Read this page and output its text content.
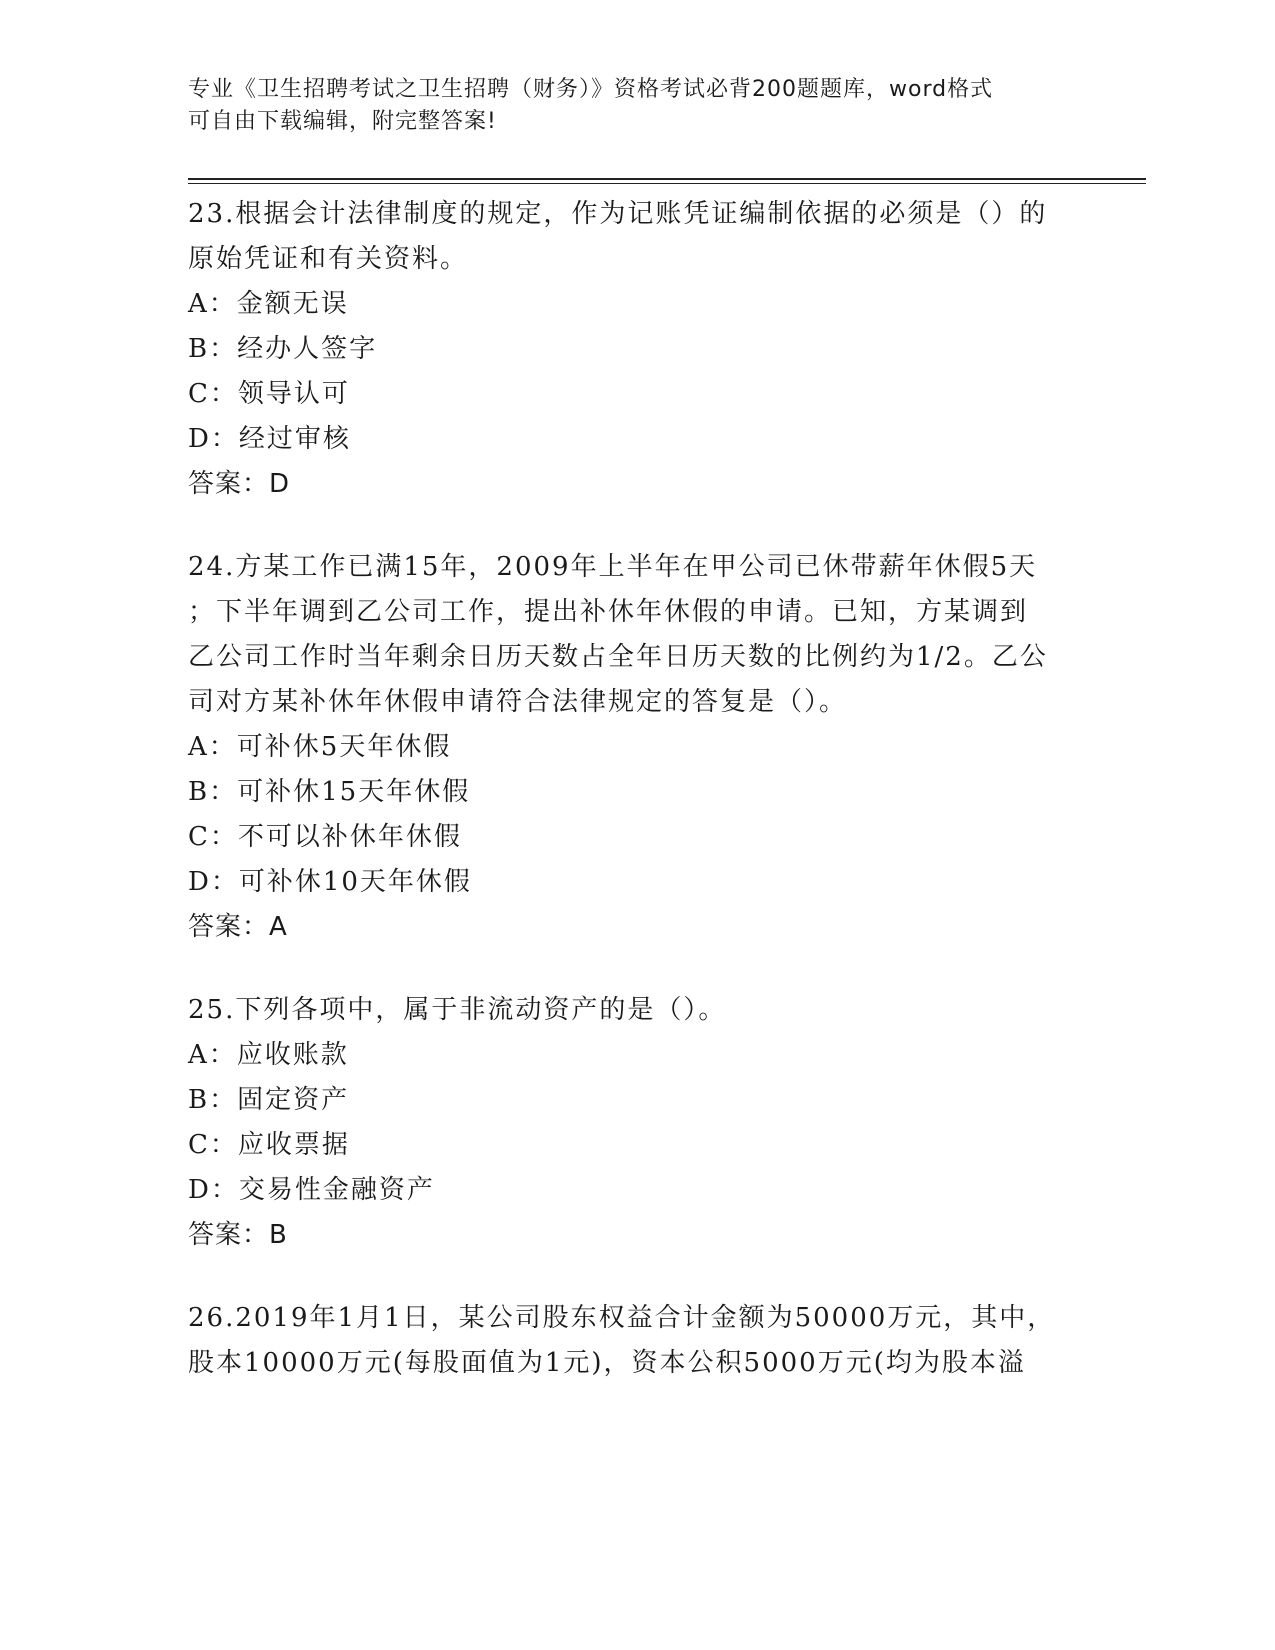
专业《卫生招聘考试之卫生招聘（财务）》资格考试必背200题题库，word格式
可自由下载编辑，附完整答案!
23.根据会计法律制度的规定，作为记账凭证编制依据的必须是（）的
原始凭证和有关资料。
A：金额无误
B：经办人签字
C：领导认可
D：经过审核
答案：D
24.方某工作已满15年，2009年上半年在甲公司已休带薪年休假5天
；下半年调到乙公司工作，提出补休年休假的申请。已知，方某调到
乙公司工作时当年剩余日历天数占全年日历天数的比例约为1/2。乙公
司对方某补休年休假申请符合法律规定的答复是（）。
A：可补休5天年休假
B：可补休15天年休假
C：不可以补休年休假
D：可补休10天年休假
答案：A
25.下列各项中，属于非流动资产的是（）。
A：应收账款
B：固定资产
C：应收票据
D：交易性金融资产
答案：B
26.2019年1月1日，某公司股东权益合计金额为50000万元，其中，
股本10000万元(每股面值为1元)，资本公积5000万元(均为股本溢
